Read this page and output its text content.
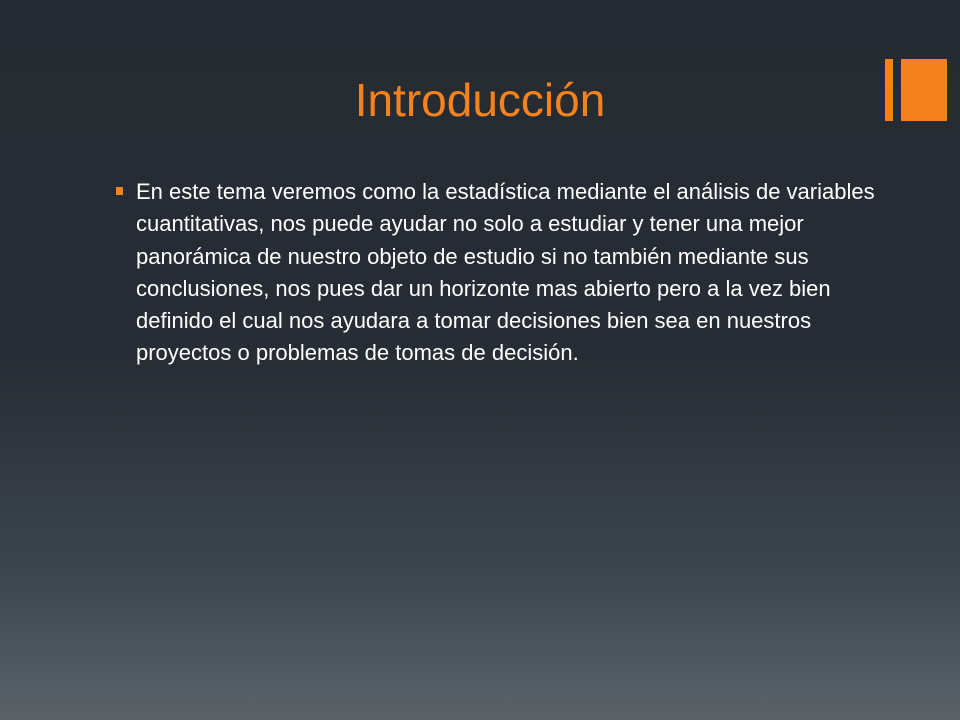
Introducción
En este tema veremos como la estadística mediante el análisis de variables cuantitativas, nos puede ayudar no solo a estudiar y tener una mejor panorámica de nuestro objeto de estudio si no también mediante sus conclusiones, nos pues dar un horizonte mas abierto pero a la vez bien definido el cual nos ayudara a tomar decisiones bien sea en nuestros proyectos o problemas de tomas de decisión.
